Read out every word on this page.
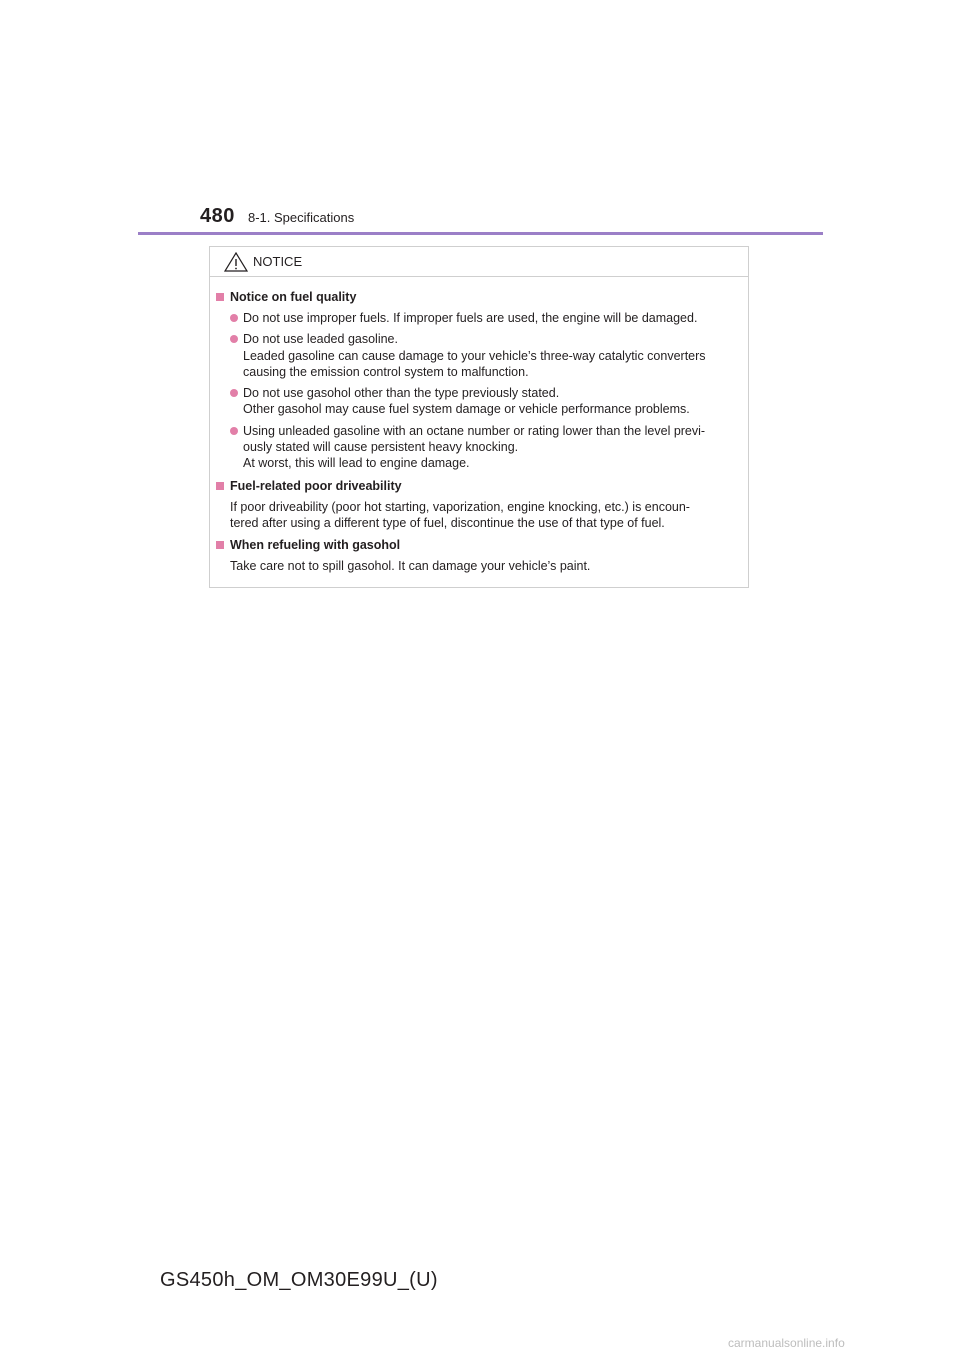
480 8-1. Specifications
NOTICE
Notice on fuel quality
Do not use improper fuels. If improper fuels are used, the engine will be damaged.
Do not use leaded gasoline.
Leaded gasoline can cause damage to your vehicle’s three-way catalytic converters
causing the emission control system to malfunction.
Do not use gasohol other than the type previously stated.
Other gasohol may cause fuel system damage or vehicle performance problems.
Using unleaded gasoline with an octane number or rating lower than the level previ-
ously stated will cause persistent heavy knocking.
At worst, this will lead to engine damage.
Fuel-related poor driveability
If poor driveability (poor hot starting, vaporization, engine knocking, etc.) is encoun-
tered after using a different type of fuel, discontinue the use of that type of fuel.
When refueling with gasohol
Take care not to spill gasohol. It can damage your vehicle’s paint.
GS450h_OM_OM30E99U_(U)
carmanualsonline.info
